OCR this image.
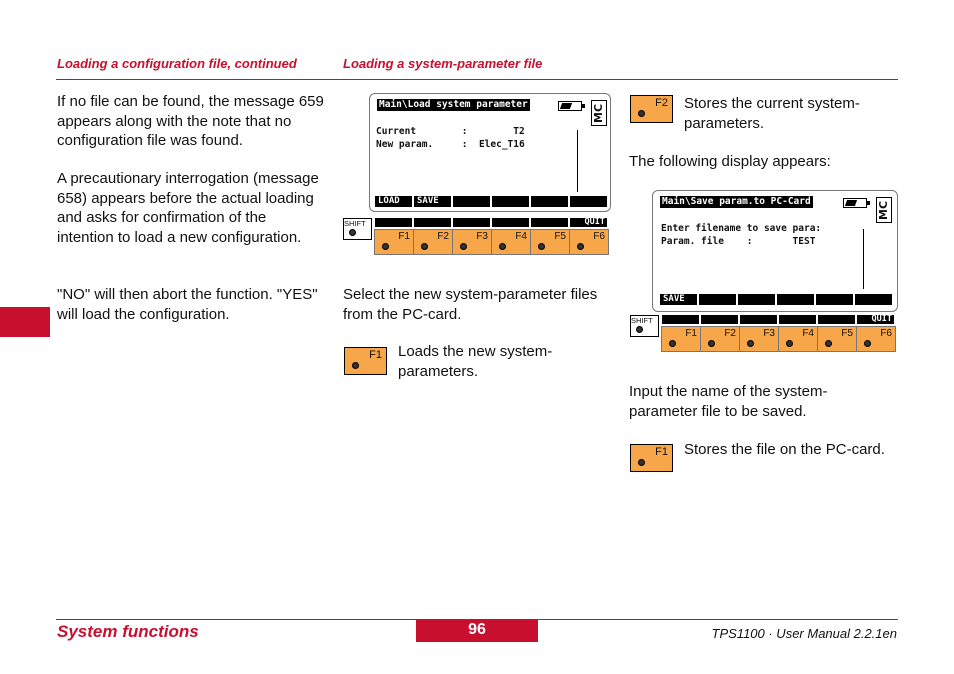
Loading a configuration file, continued	Loading a system-parameter file

If no file can be found, the message 659 appears along with the note that no configuration file was found.

A precautionary interrogation (message 658) appears before the actual loading and asks for confirmation of the intention to load a new configuration.

"NO" will then abort the function. "YES" will load the configuration.

Main\Load system parameter	MC
Current        :        T2
New param.     :  Elec_T16
LOAD	SAVE
SHIFT	QUIT
F1	F2	F3	F4	F5	F6

Select the new system-parameter files from the PC-card.

F1 Loads the new system-parameters.

F2 Stores the current system-parameters.

The following display appears:

Main\Save param.to PC-Card	MC
Enter filename to save para:
Param. file    :       TEST
SAVE
SHIFT	QUIT
F1	F2	F3	F4	F5	F6

Input the name of the system-parameter file to be saved.

F1 Stores the file on the PC-card.

System functions	96	TPS1100 · User Manual 2.2.1en
